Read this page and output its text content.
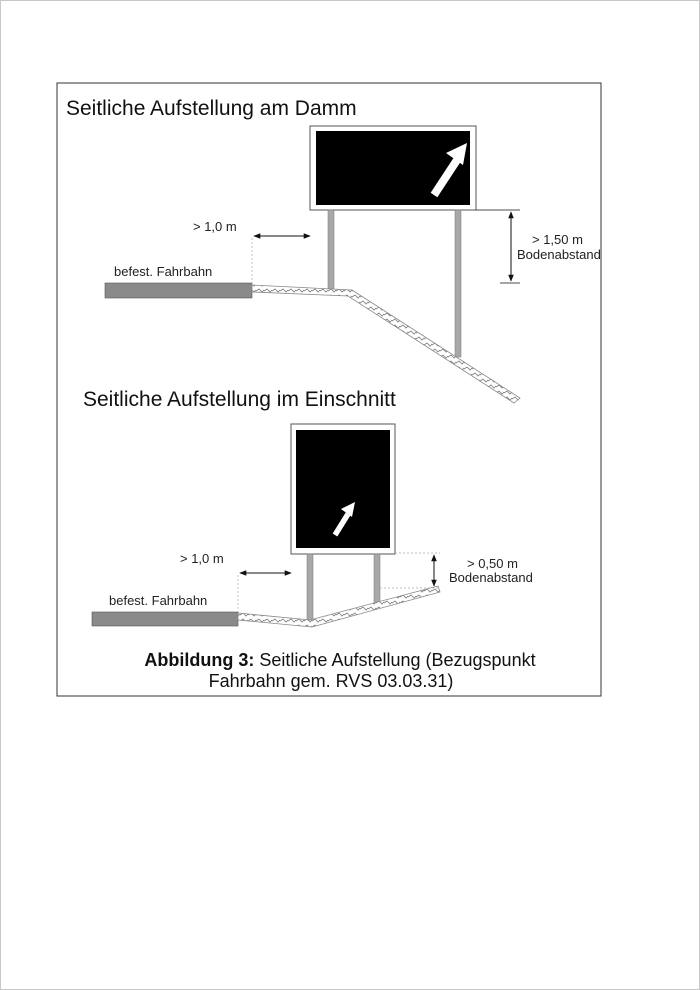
Seitliche Aufstellung am Damm
befest. Fahrbahn
> 1,0 m
> 1,50 m
Bodenabstand
Seitliche Aufstellung im Einschnitt
befest. Fahrbahn
> 1,0 m	> 0,50 m
Bodenabstand
Abbildung 3: Seitliche Aufstellung (Bezugspunkt
Fahrbahn gem. RVS 03.03.31)
